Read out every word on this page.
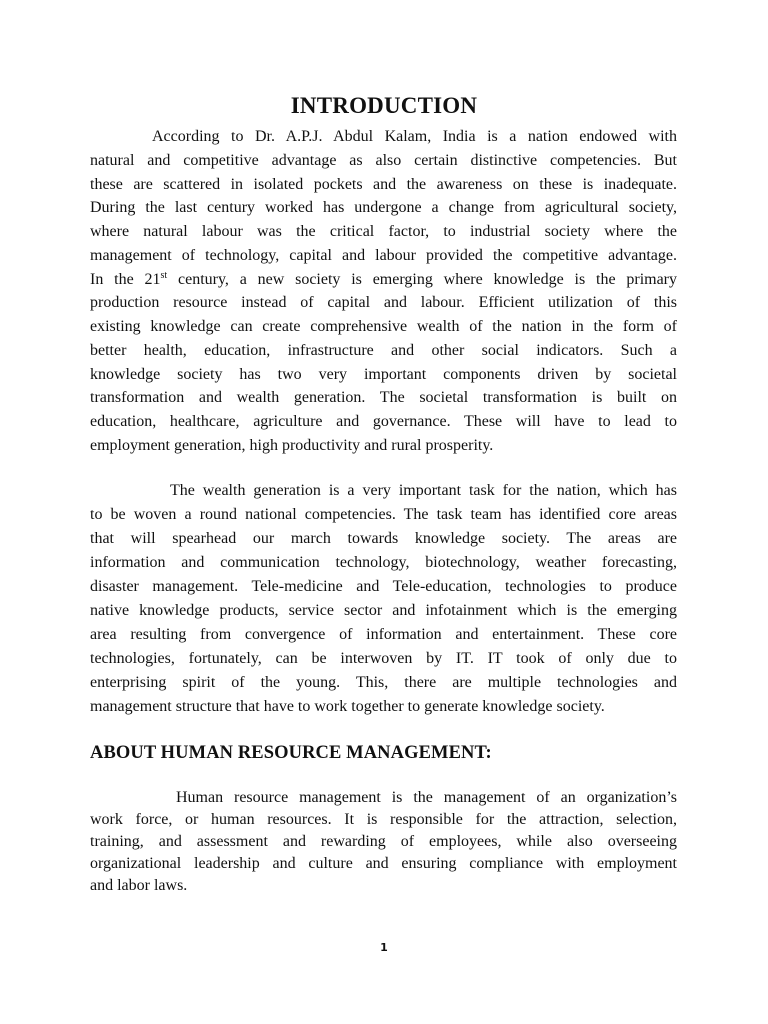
INTRODUCTION
According to Dr. A.P.J. Abdul Kalam, India is a nation endowed with
natural and competitive advantage as also certain distinctive competencies. But
these are scattered in isolated pockets and the awareness on these is inadequate.
During the last century worked has undergone a change from agricultural society,
where natural labour was the critical factor, to industrial society where the
management of technology, capital and labour provided the competitive advantage.
In the 21st century, a new society is emerging where knowledge is the primary
production resource instead of capital and labour. Efficient utilization of this
existing knowledge can create comprehensive wealth of the nation in the form of
better health, education, infrastructure and other social indicators. Such a
knowledge society has two very important components driven by societal
transformation and wealth generation. The societal transformation is built on
education, healthcare, agriculture and governance. These will have to lead to
employment generation, high productivity and rural prosperity.
The wealth generation is a very important task for the nation, which has
to be woven a round national competencies. The task team has identified core areas
that will spearhead our march towards knowledge society. The areas are
information and communication technology, biotechnology, weather forecasting,
disaster management. Tele-medicine and Tele-education, technologies to produce
native knowledge products, service sector and infotainment which is the emerging
area resulting from convergence of information and entertainment. These core
technologies, fortunately, can be interwoven by IT. IT took of only due to
enterprising spirit of the young. This, there are multiple technologies and
management structure that have to work together to generate knowledge society.
ABOUT HUMAN RESOURCE MANAGEMENT:
Human resource management is the management of an organization’s
work force, or human resources. It is responsible for the attraction, selection,
training, and assessment and rewarding of employees, while also overseeing
organizational leadership and culture and ensuring compliance with employment
and labor laws.
1
